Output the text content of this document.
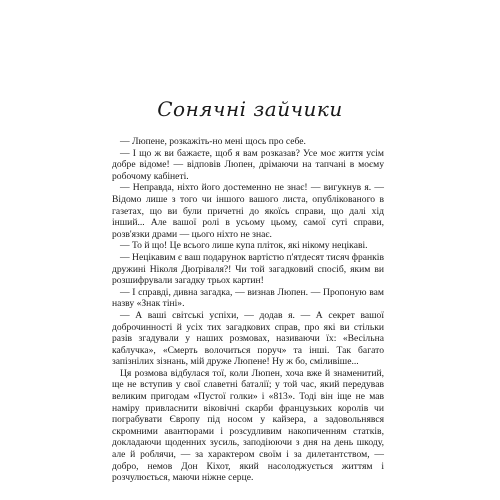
Сонячні зайчики

— Люпене, розкажіть-но мені щось про себе.

— І що ж ви бажаєте, щоб я вам розказав? Усе моє життя усім добре відоме! — відповів Люпен, дрімаючи на тапчані в моєму робочому кабінеті.

— Неправда, ніхто його достеменно не знає! — вигукнув я. — Відомо лише з того чи іншого вашого листа, опублікованого в газетах, що ви були причетні до якоїсь справи, що далі хід інший... Але вашої ролі в усьому цьому, самої суті справи, розв'язки драми — цього ніхто не знає.

— То й що! Це всього лише купа пліток, які нікому нецікаві.

— Нецікавим є ваш подарунок вартістю п'ятдесят тисяч франків дружині Ніколя Дюґріваля?! Чи той загадковий спосіб, яким ви розшифрували загадку трьох картин!

— І справді, дивна загадка, — визнав Люпен. — Пропоную вам назву «Знак тіні».

— А ваші світські успіхи, — додав я. — А секрет вашої доброчинності й усіх тих загадкових справ, про які ви стільки разів згадували у наших розмовах, називаючи їх: «Весільна каблучка», «Смерть волочиться поруч» та інші. Так багато запізнілих зізнань, мій друже Люпене! Ну ж бо, сміливіше...

Ця розмова відбулася тої, коли Люпен, хоча вже й знаменитий, ще не вступив у свої славетні баталії; у той час, який передував великим пригодам «Пустої голки» і «813». Тоді він іще не мав наміру привласнити віковічні скарби французьких королів чи пограбувати Європу під носом у кайзера, а задовольнявся скромними авантюрами і розсудливим накопиченням статків, докладаючи щоденних зусиль, заподіюючи з дня на день шкоду, але й роблячи, — за характером своїм і за дилетантством, — добро, немов Дон Кіхот, який насолоджується життям і розчулюється, маючи ніжне серце.
